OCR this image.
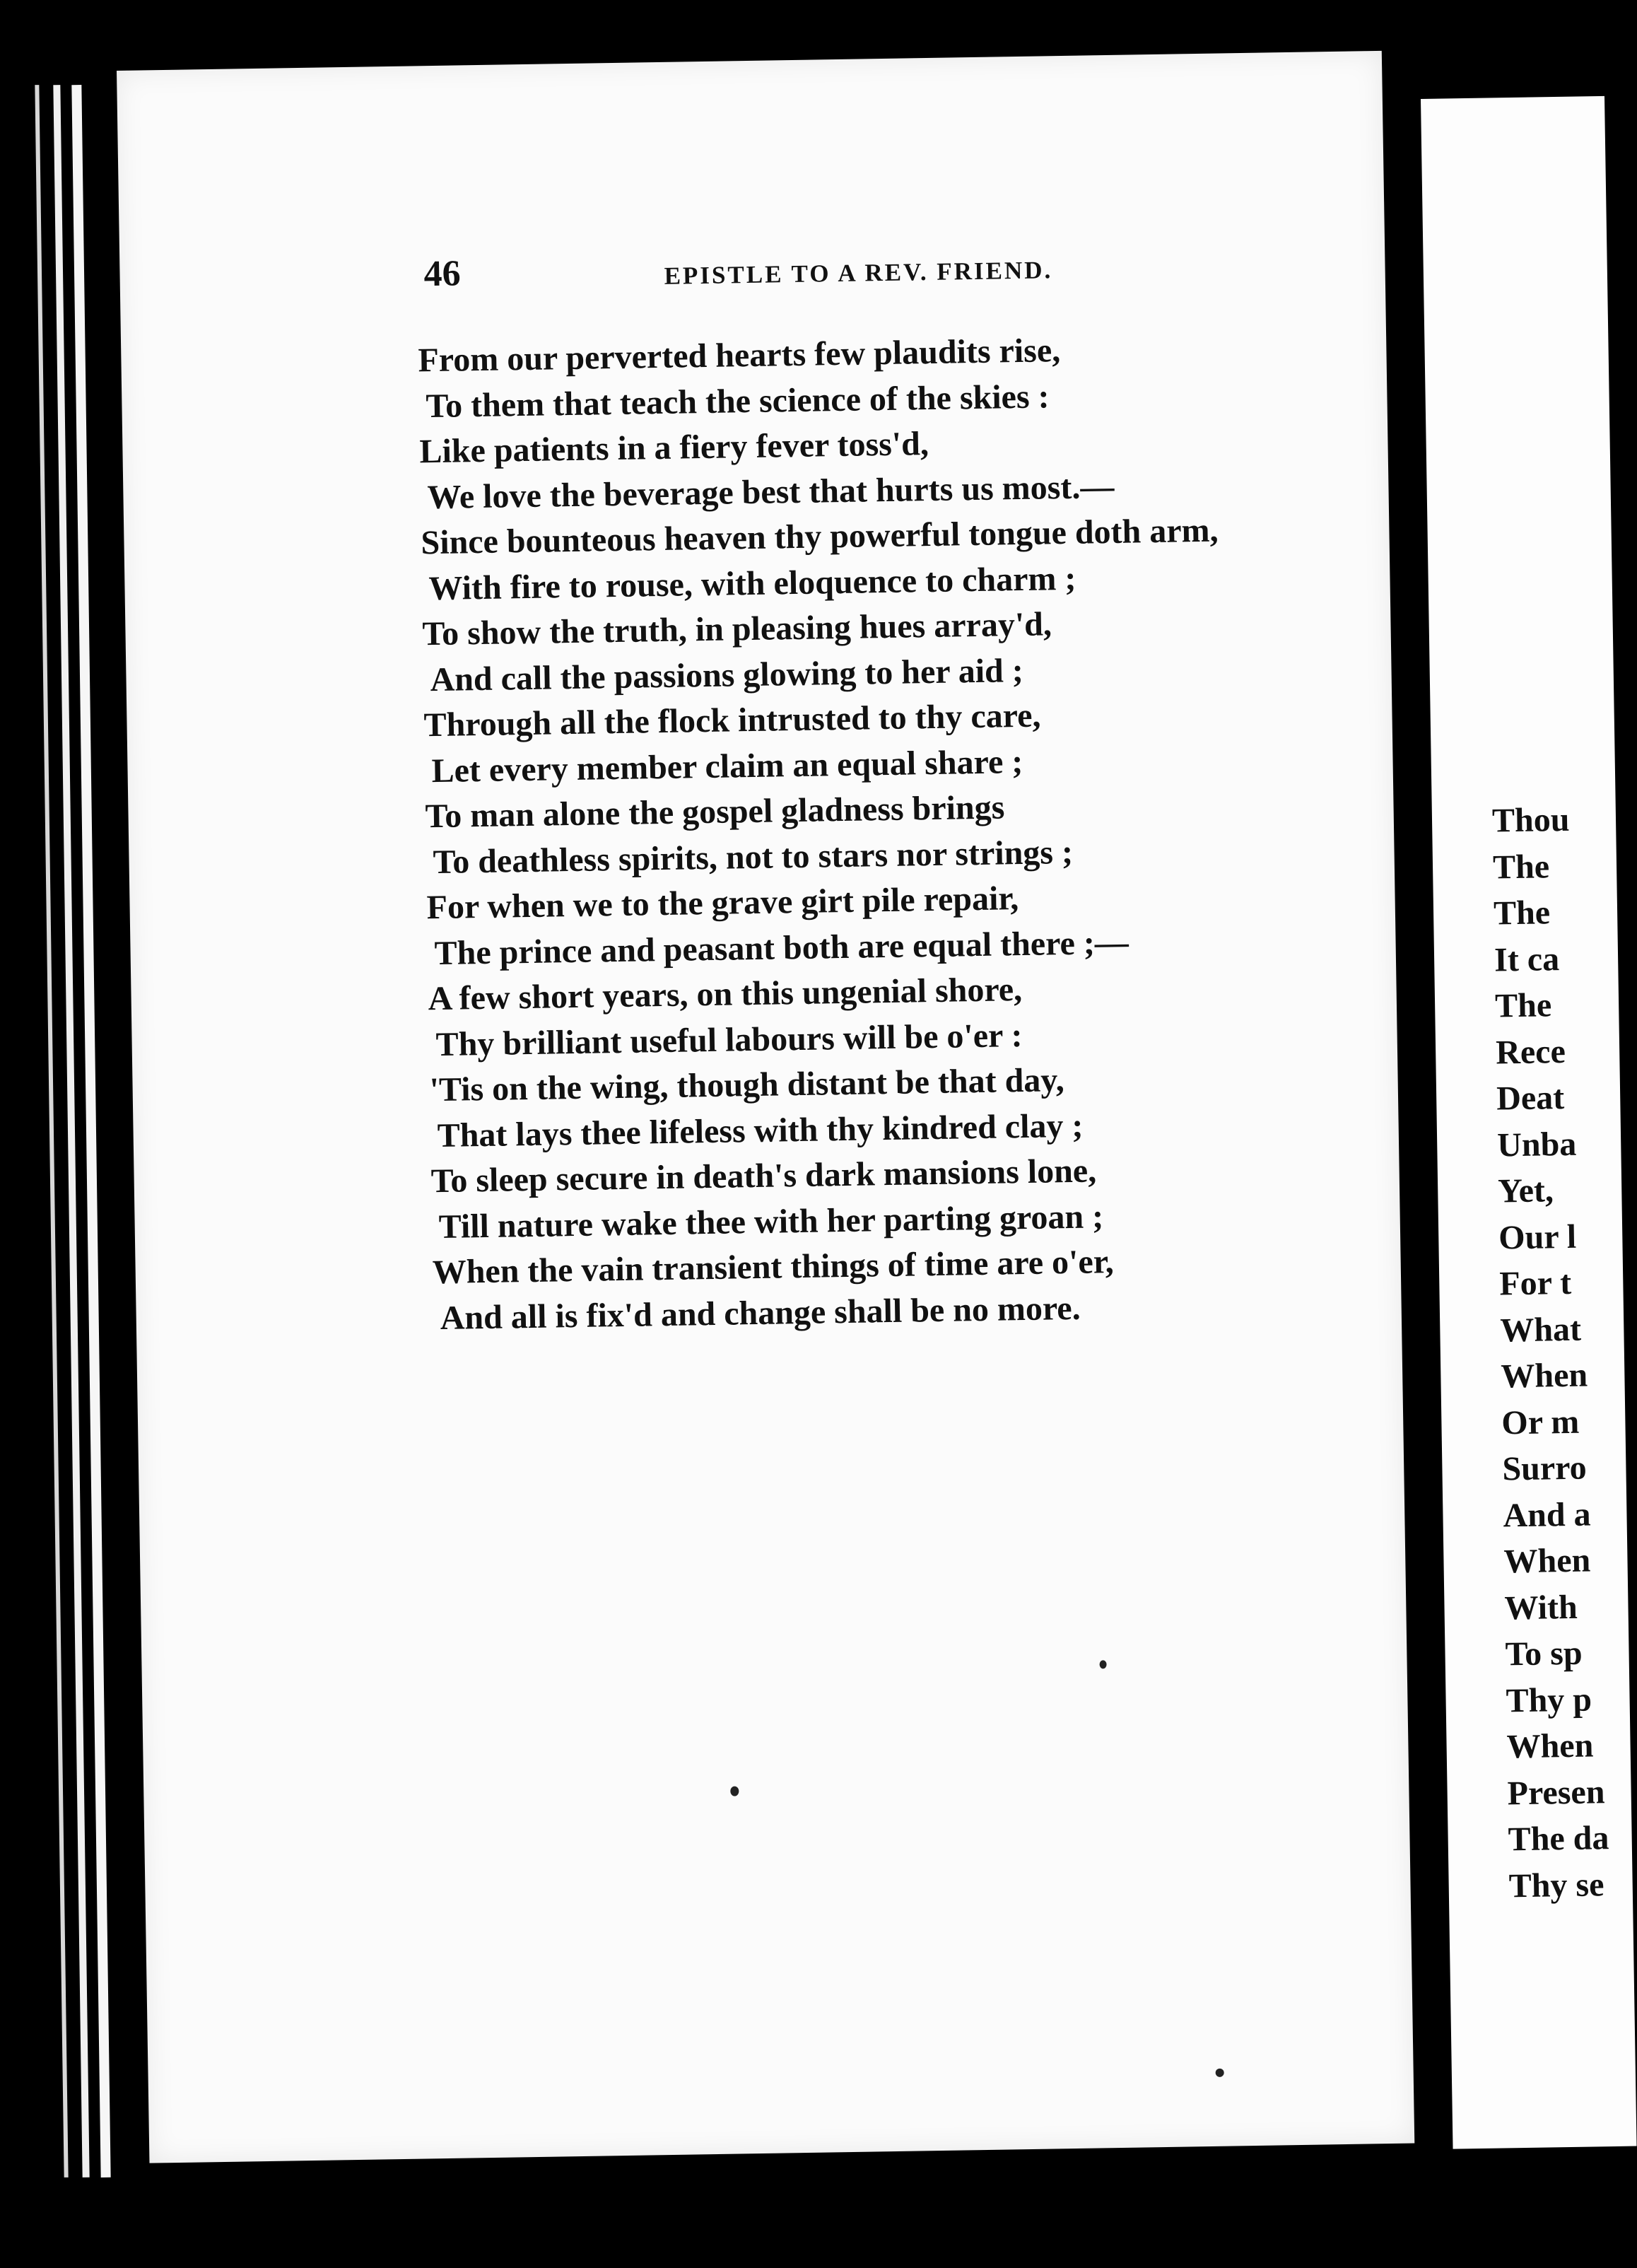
46	EPISTLE TO A REV. FRIEND.
From our perverted hearts few plaudits rise,
To them that teach the science of the skies :
Like patients in a fiery fever toss'd,
We love the beverage best that hurts us most.—
Since bounteous heaven thy powerful tongue doth arm,
With fire to rouse, with eloquence to charm ;
To show the truth, in pleasing hues array'd,
And call the passions glowing to her aid ;
Through all the flock intrusted to thy care,
Let every member claim an equal share ;
To man alone the gospel gladness brings
To deathless spirits, not to stars nor strings ;
For when we to the grave girt pile repair,
The prince and peasant both are equal there ;—
A few short years, on this ungenial shore,
Thy brilliant useful labours will be o'er :
'Tis on the wing, though distant be that day,
That lays thee lifeless with thy kindred clay ;
To sleep secure in death's dark mansions lone,
Till nature wake thee with her parting groan ;
When the vain transient things of time are o'er,
And all is fix'd and change shall be no more.
Thou
The
The
It ca
The
Rece
Deat
Unba
Yet,
Our l
For t
What
When
Or m
Surro
And a
When
With
To sp
Thy p
When
Presen
The da
Thy se
